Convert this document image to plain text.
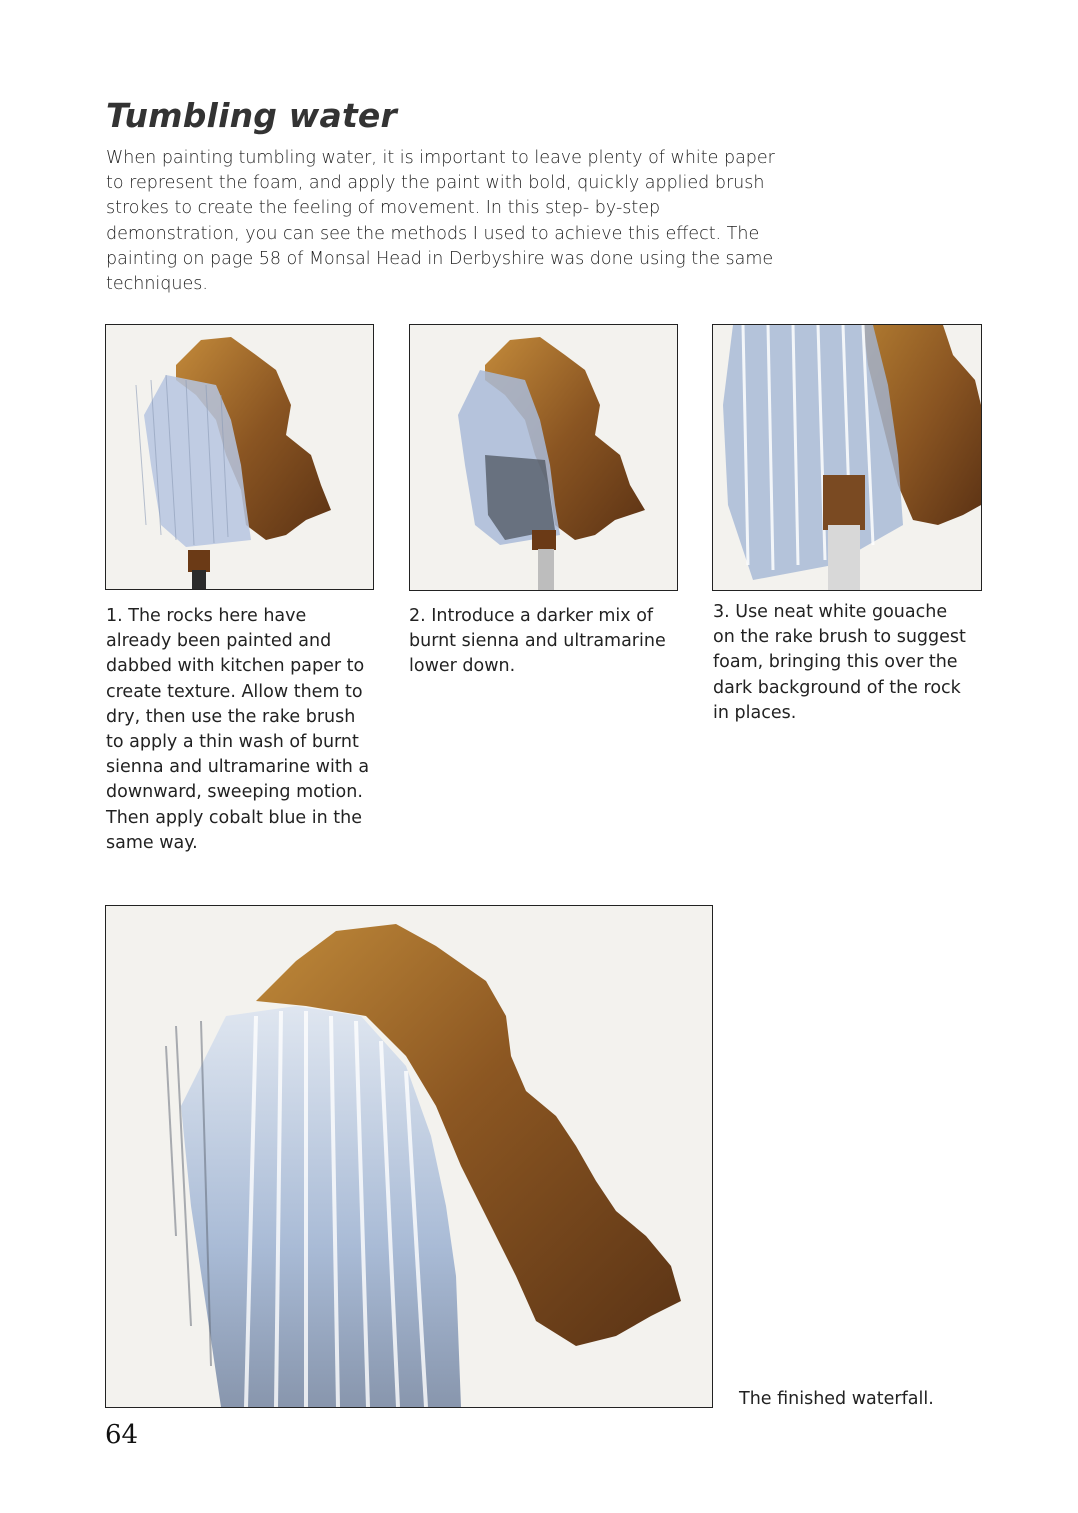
Tumbling water

When painting tumbling water, it is important to leave plenty of white paper to represent the foam, and apply the paint with bold, quickly applied brush strokes to create the feeling of movement. In this step- by-step demonstration, you can see the methods I used to achieve this effect. The painting on page 58 of Monsal Head in Derbyshire was done using the same techniques.

1. The rocks here have already been painted and dabbed with kitchen paper to create texture. Allow them to dry, then use the rake brush to apply a thin wash of burnt sienna and ultramarine with a downward, sweeping motion. Then apply cobalt blue in the same way.

2. Introduce a darker mix of burnt sienna and ultramarine lower down.

3. Use neat white gouache on the rake brush to suggest foam, bringing this over the dark background of the rock in places.

The finished waterfall.

64
